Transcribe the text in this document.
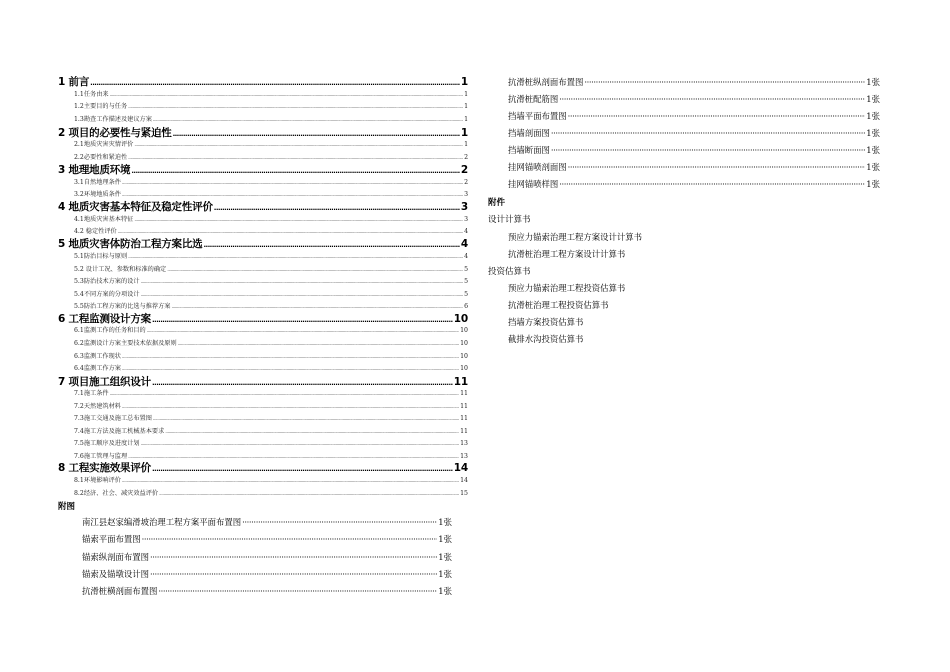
1 前言 .....	1
1.1任务由来 .....	1
1.2主要目的与任务 .....	1
1.3勘查工作描述及建议方案 .....	1
2 项目的必要性与紧迫性 .....	1
2.1地质灾害灾情评价 .....	1
2.2必要性和紧迫性 .....	2
3 地理地质环境 .....	2
3.1自然地理条件 .....	2
3.2环境地质条件 .....	3
4 地质灾害基本特征及稳定性评价 .....	3
4.1地质灾害基本特征 .....	3
4.2 稳定性评价 .....	4
5 地质灾害体防治工程方案比选 .....	4
5.1防治目标与原则 .....	4
5.2 设计工况、参数和标准的确定 .....	5
5.3防治技术方案的设计 .....	5
5.4不同方案的分项设计 .....	5
5.5防治工程方案的比选与推荐方案 .....	6
6 工程监测设计方案 .....	10
6.1监测工作的任务和目的 .....	10
6.2监测设计方案主要技术依据及原则 .....	10
6.3监测工作现状 .....	10
6.4监测工作方案 .....	10
7 项目施工组织设计 .....	11
7.1施工条件 .....	11
7.2天然建筑材料 .....	11
7.3施工交通及施工总布置图 .....	11
7.4施工方法及施工机械基本要求 .....	11
7.5施工顺序及进度计划 .....	13
7.6施工管理与监理 .....	13
8 工程实施效果评价 .....	14
8.1环境影响评价 .....	14
8.2经济、社会、减灾效益评价 .....	15
附图
南江县赵家编滑坡治理工程方案平面布置图 ·····	1张
锚索平面布置图 ·····	1张
锚索纵剖面布置图 ·····	1张
锚索及锚墩设计图 ·····	1张
抗滑桩横剖面布置图 ·····	1张
抗滑桩纵剖面布置图 ·····	1张
抗滑桩配筋图 ·····	1张
挡墙平面布置图 ·····	1张
挡墙剖面图 ·····	1张
挡墙断面图 ·····	1张
挂网锚喷剖面图 ·····	1张
挂网锚喷样图 ·····	1张
附件
设计计算书
预应力锚索治理工程方案设计计算书
抗滑桩治理工程方案设计计算书
投资估算书
预应力锚索治理工程投资估算书
抗滑桩治理工程投资估算书
挡墙方案投资估算书
截排水沟投资估算书
